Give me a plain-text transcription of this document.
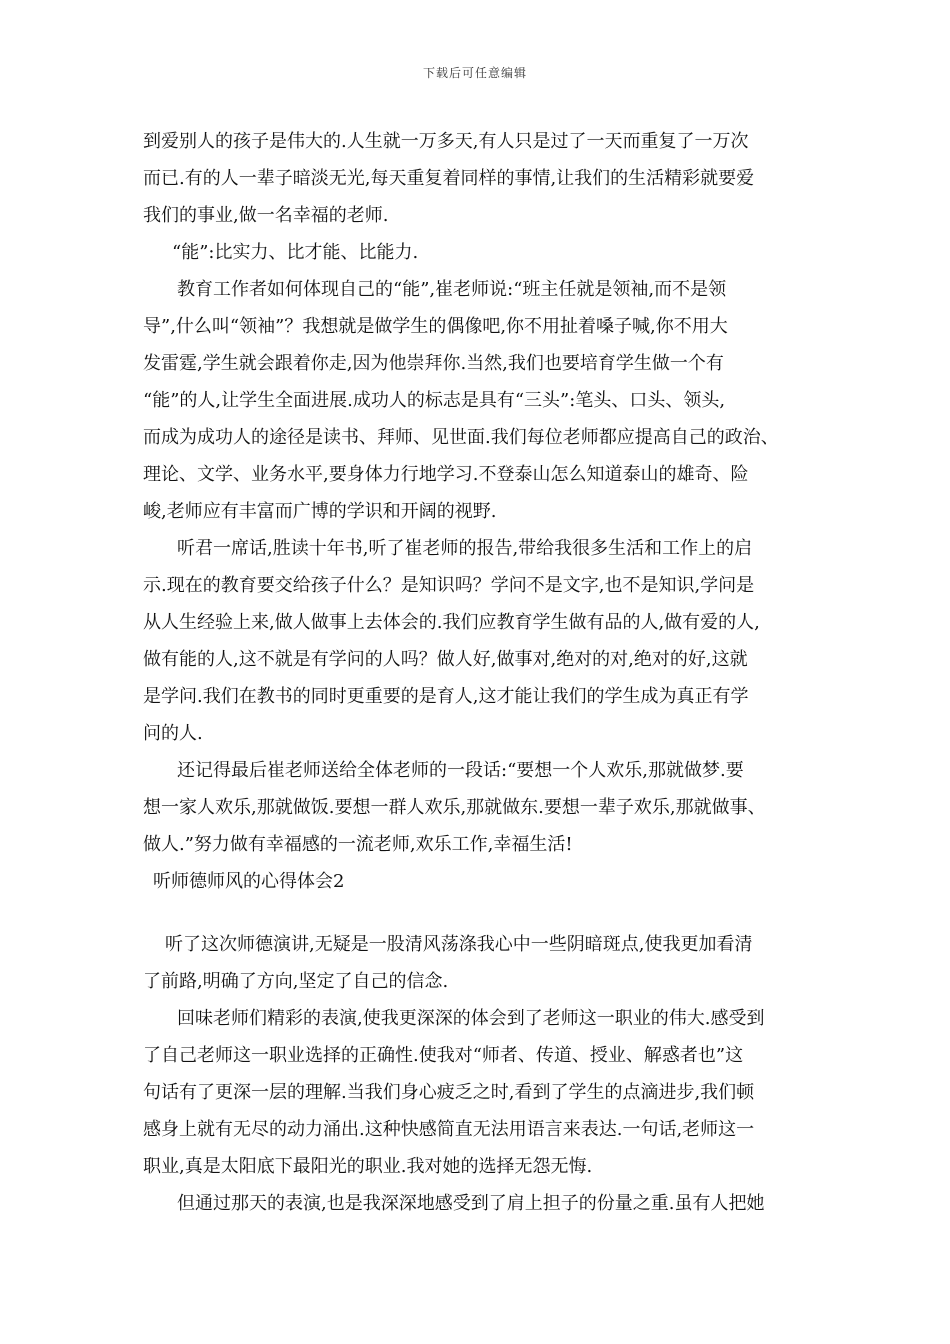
下载后可任意编辑
到爱别人的孩子是伟大的.人生就一万多天,有人只是过了一天而重复了一万次
而已.有的人一辈子暗淡无光,每天重复着同样的事情,让我们的生活精彩就要爱
我们的事业,做一名幸福的老师.
“能”:比实力、比才能、比能力.
教育工作者如何体现自己的“能”,崔老师说:“班主任就是领袖,而不是领
导”,什么叫“领袖”？我想就是做学生的偶像吧,你不用扯着嗓子喊,你不用大
发雷霆,学生就会跟着你走,因为他崇拜你.当然,我们也要培育学生做一个有
“能”的人,让学生全面进展.成功人的标志是具有“三头”:笔头、口头、领头,
而成为成功人的途径是读书、拜师、见世面.我们每位老师都应提高自己的政治、
理论、文学、业务水平,要身体力行地学习.不登泰山怎么知道泰山的雄奇、险
峻,老师应有丰富而广博的学识和开阔的视野.
听君一席话,胜读十年书,听了崔老师的报告,带给我很多生活和工作上的启
示.现在的教育要交给孩子什么？是知识吗？学问不是文字,也不是知识,学问是
从人生经验上来,做人做事上去体会的.我们应教育学生做有品的人,做有爱的人,
做有能的人,这不就是有学问的人吗？做人好,做事对,绝对的对,绝对的好,这就
是学问.我们在教书的同时更重要的是育人,这才能让我们的学生成为真正有学
问的人.
还记得最后崔老师送给全体老师的一段话:“要想一个人欢乐,那就做梦.要
想一家人欢乐,那就做饭.要想一群人欢乐,那就做东.要想一辈子欢乐,那就做事、
做人.”努力做有幸福感的一流老师,欢乐工作,幸福生活!
听师德师风的心得体会2
听了这次师德演讲,无疑是一股清风荡涤我心中一些阴暗斑点,使我更加看清
了前路,明确了方向,坚定了自己的信念.
回味老师们精彩的表演,使我更深深的体会到了老师这一职业的伟大.感受到
了自己老师这一职业选择的正确性.使我对“师者、传道、授业、解惑者也”这
句话有了更深一层的理解.当我们身心疲乏之时,看到了学生的点滴进步,我们顿
感身上就有无尽的动力涌出.这种快感简直无法用语言来表达.一句话,老师这一
职业,真是太阳底下最阳光的职业.我对她的选择无怨无悔.
但通过那天的表演,也是我深深地感受到了肩上担子的份量之重.虽有人把她
